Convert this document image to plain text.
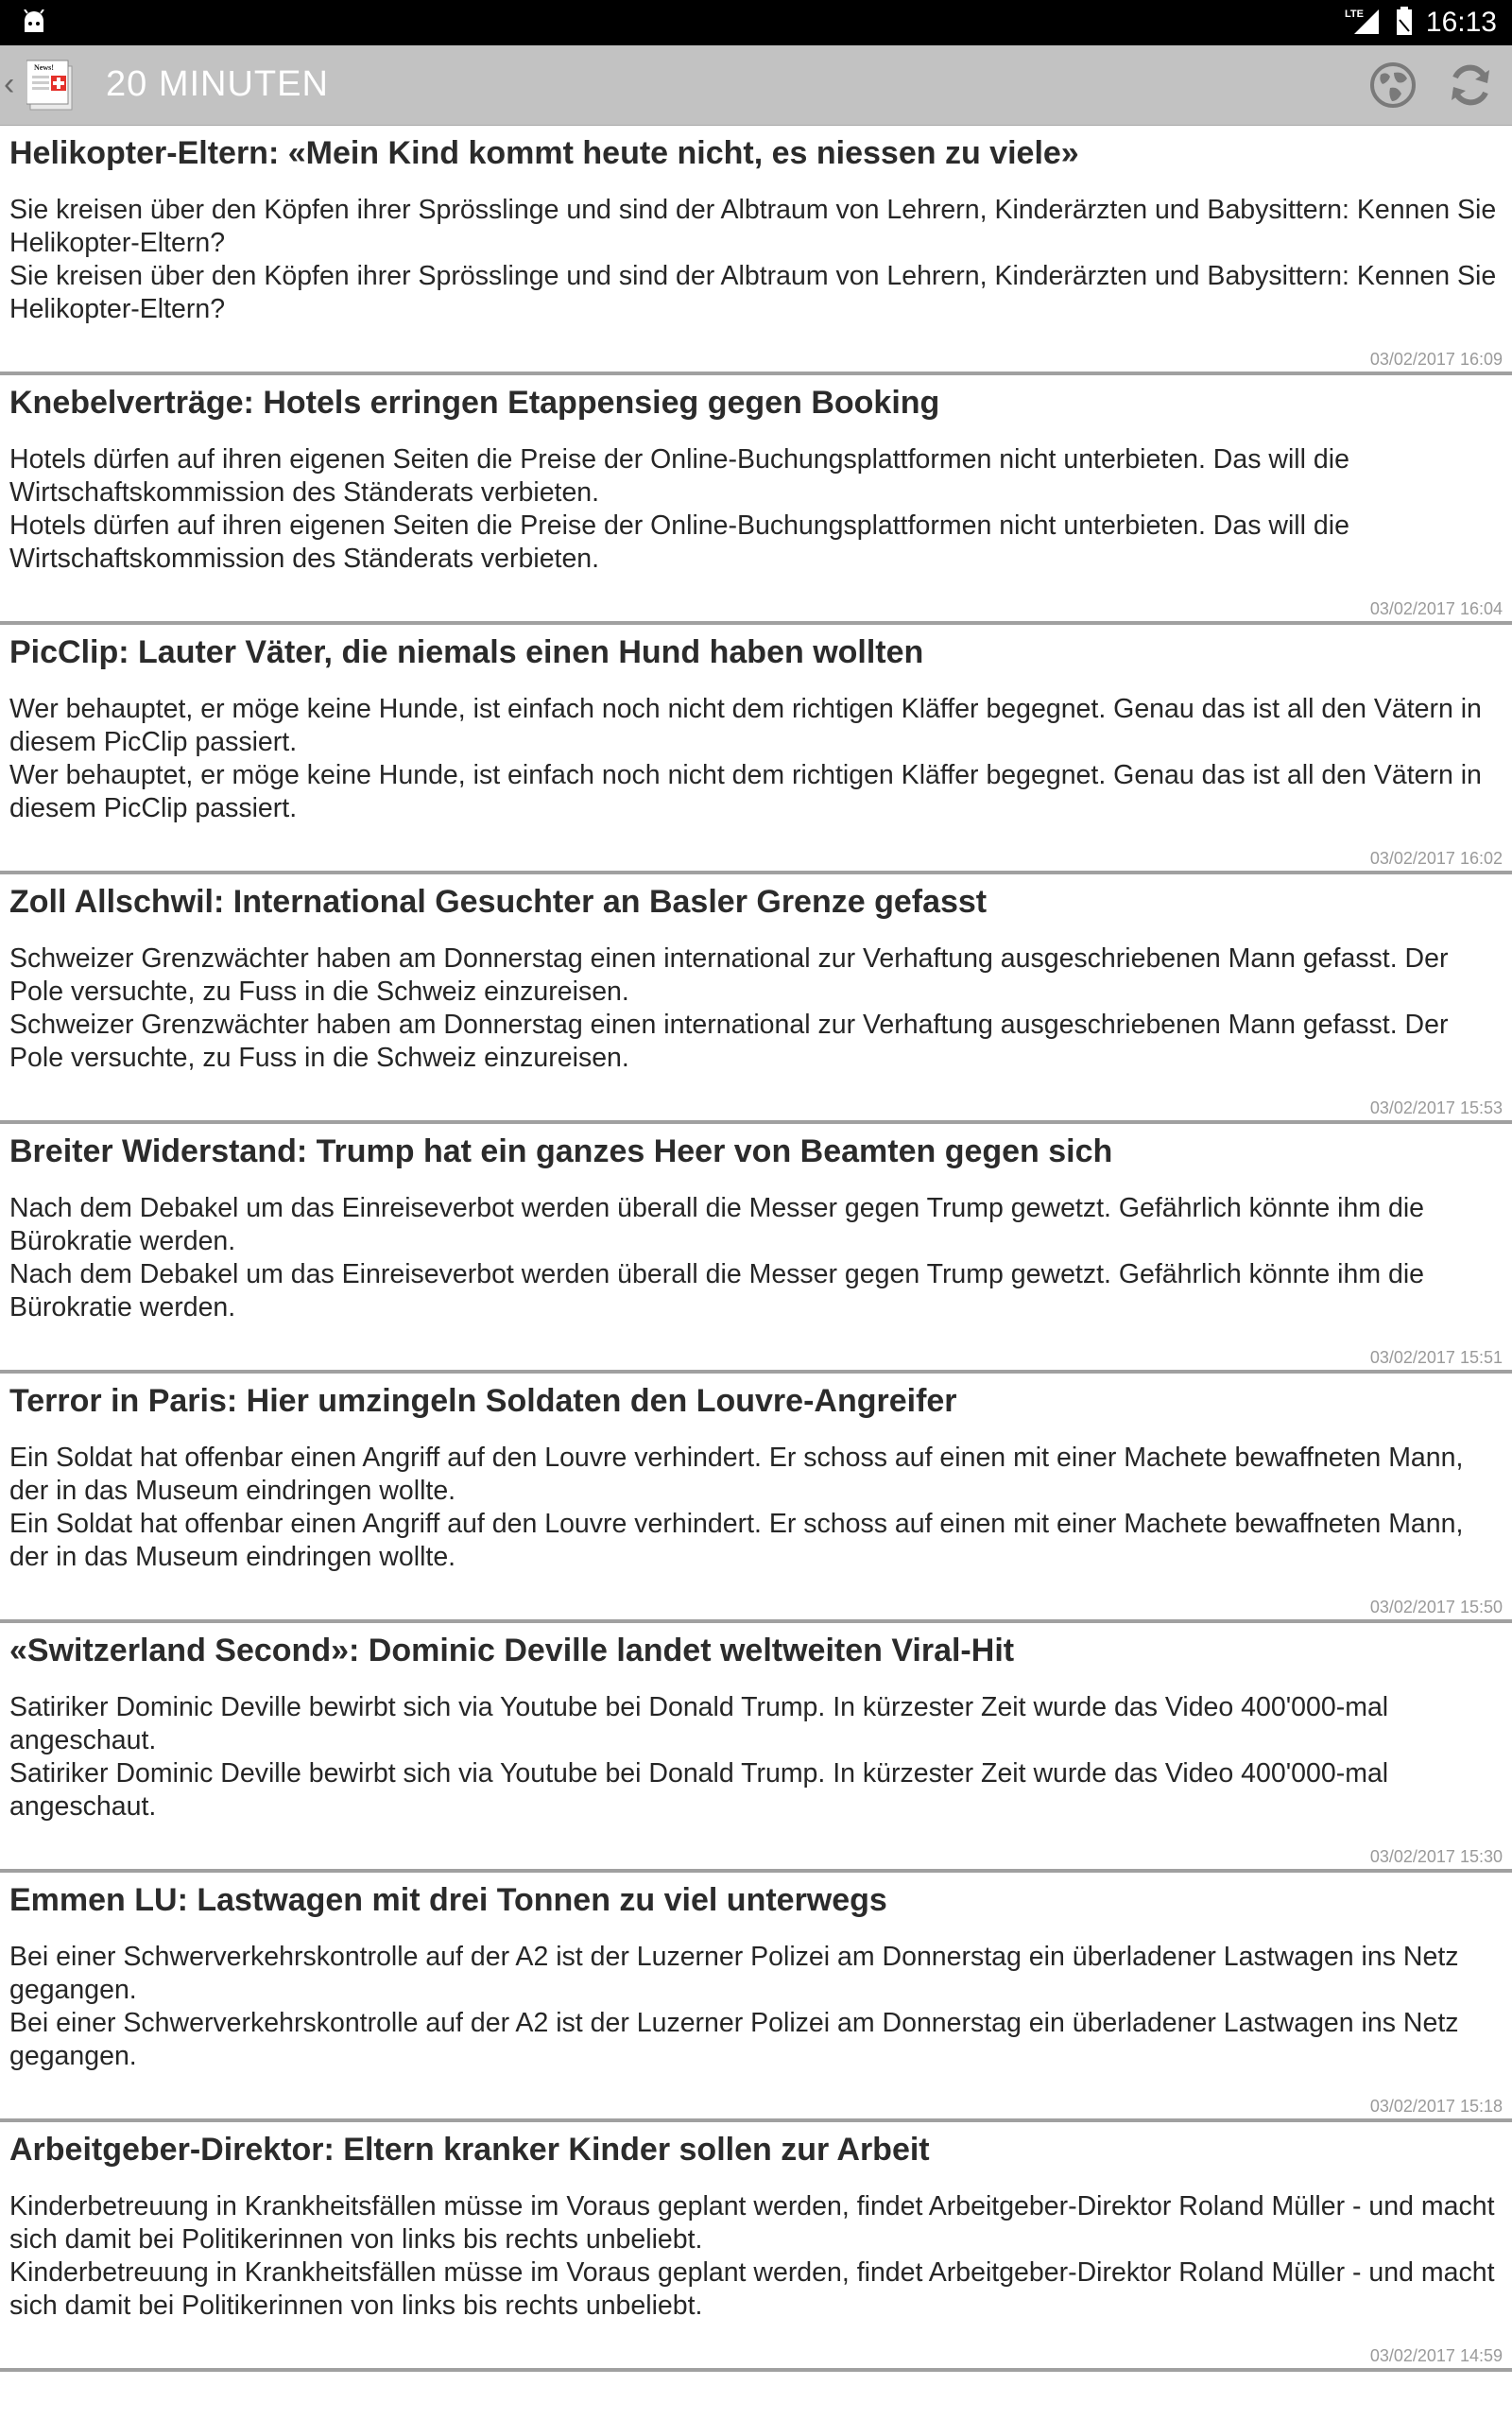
LTE 16:13
‹	News! 20 MINUTEN
Helikopter-Eltern: «Mein Kind kommt heute nicht, es niessen zu viele»

Sie kreisen über den Köpfen ihrer Sprösslinge und sind der Albtraum von Lehrern, Kinderärzten und Babysittern: Kennen Sie Helikopter-Eltern?

Sie kreisen über den Köpfen ihrer Sprösslinge und sind der Albtraum von Lehrern, Kinderärzten und Babysittern: Kennen Sie Helikopter-Eltern?

03/02/2017 16:09
Knebelverträge: Hotels erringen Etappensieg gegen Booking

Hotels dürfen auf ihren eigenen Seiten die Preise der Online-Buchungsplattformen nicht unterbieten. Das will die Wirtschaftskommission des Ständerats verbieten.

Hotels dürfen auf ihren eigenen Seiten die Preise der Online-Buchungsplattformen nicht unterbieten. Das will die Wirtschaftskommission des Ständerats verbieten.

03/02/2017 16:04
PicClip: Lauter Väter, die niemals einen Hund haben wollten

Wer behauptet, er möge keine Hunde, ist einfach noch nicht dem richtigen Kläffer begegnet. Genau das ist all den Vätern in diesem PicClip passiert.

Wer behauptet, er möge keine Hunde, ist einfach noch nicht dem richtigen Kläffer begegnet. Genau das ist all den Vätern in diesem PicClip passiert.

03/02/2017 16:02
Zoll Allschwil: International Gesuchter an Basler Grenze gefasst

Schweizer Grenzwächter haben am Donnerstag einen international zur Verhaftung ausgeschriebenen Mann gefasst. Der Pole versuchte, zu Fuss in die Schweiz einzureisen.

Schweizer Grenzwächter haben am Donnerstag einen international zur Verhaftung ausgeschriebenen Mann gefasst. Der Pole versuchte, zu Fuss in die Schweiz einzureisen.

03/02/2017 15:53
Breiter Widerstand: Trump hat ein ganzes Heer von Beamten gegen sich

Nach dem Debakel um das Einreiseverbot werden überall die Messer gegen Trump gewetzt. Gefährlich könnte ihm die Bürokratie werden.

Nach dem Debakel um das Einreiseverbot werden überall die Messer gegen Trump gewetzt. Gefährlich könnte ihm die Bürokratie werden.

03/02/2017 15:51
Terror in Paris: Hier umzingeln Soldaten den Louvre-Angreifer

Ein Soldat hat offenbar einen Angriff auf den Louvre verhindert. Er schoss auf einen mit einer Machete bewaffneten Mann, der in das Museum eindringen wollte.

Ein Soldat hat offenbar einen Angriff auf den Louvre verhindert. Er schoss auf einen mit einer Machete bewaffneten Mann, der in das Museum eindringen wollte.

03/02/2017 15:50
«Switzerland Second»: Dominic Deville landet weltweiten Viral-Hit

Satiriker Dominic Deville bewirbt sich via Youtube bei Donald Trump. In kürzester Zeit wurde das Video 400'000-mal angeschaut.

Satiriker Dominic Deville bewirbt sich via Youtube bei Donald Trump. In kürzester Zeit wurde das Video 400'000-mal angeschaut.

03/02/2017 15:30
Emmen LU: Lastwagen mit drei Tonnen zu viel unterwegs

Bei einer Schwerverkehrskontrolle auf der A2 ist der Luzerner Polizei am Donnerstag ein überladener Lastwagen ins Netz gegangen.

Bei einer Schwerverkehrskontrolle auf der A2 ist der Luzerner Polizei am Donnerstag ein überladener Lastwagen ins Netz gegangen.

03/02/2017 15:18
Arbeitgeber-Direktor: Eltern kranker Kinder sollen zur Arbeit

Kinderbetreuung in Krankheitsfällen müsse im Voraus geplant werden, findet Arbeitgeber-Direktor Roland Müller - und macht sich damit bei Politikerinnen von links bis rechts unbeliebt.

Kinderbetreuung in Krankheitsfällen müsse im Voraus geplant werden, findet Arbeitgeber-Direktor Roland Müller - und macht sich damit bei Politikerinnen von links bis rechts unbeliebt.

03/02/2017 14:59
